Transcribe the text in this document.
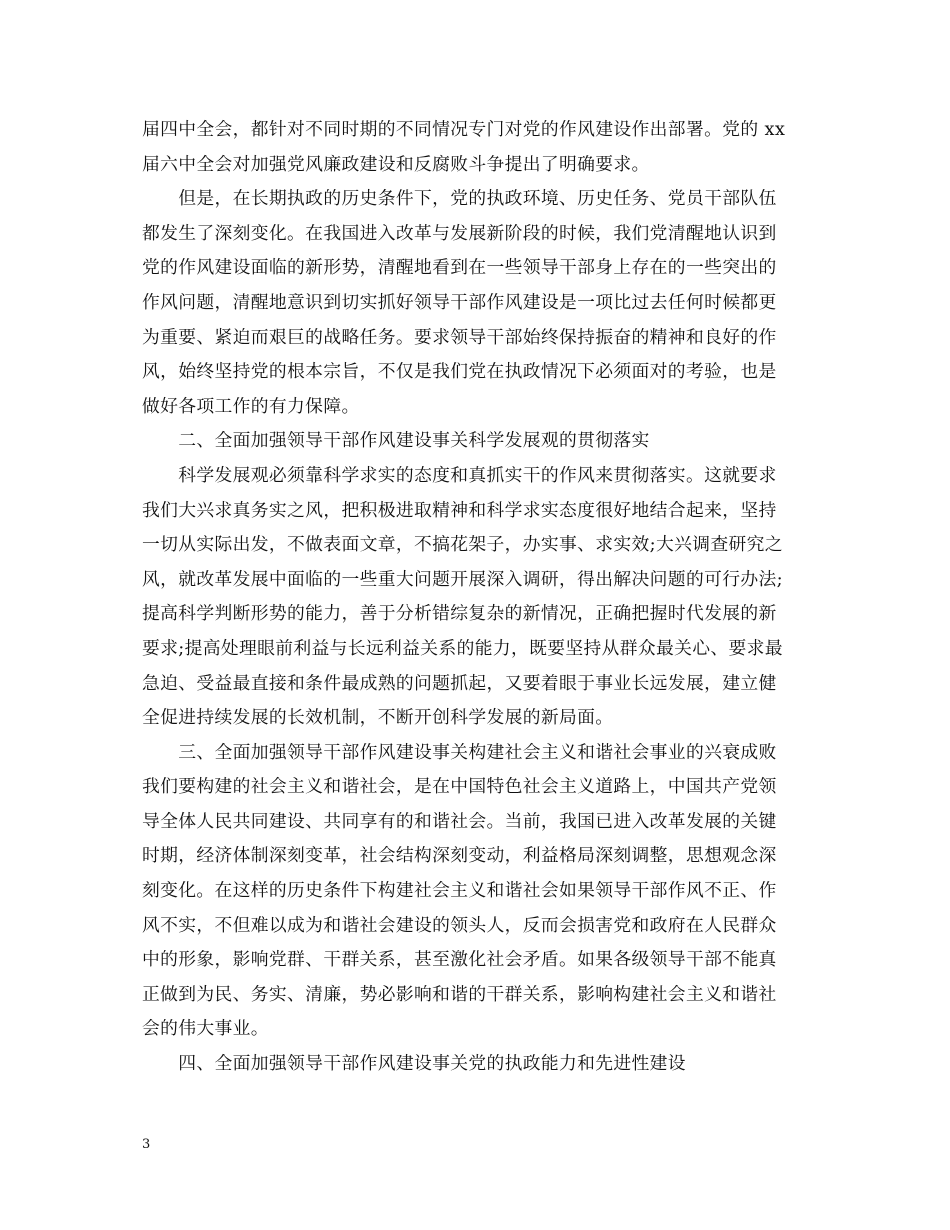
届四中全会，都针对不同时期的不同情况专门对党的作风建设作出部署。党的 xx
届六中全会对加强党风廉政建设和反腐败斗争提出了明确要求。
　　但是，在长期执政的历史条件下，党的执政环境、历史任务、党员干部队伍
都发生了深刻变化。在我国进入改革与发展新阶段的时候，我们党清醒地认识到
党的作风建设面临的新形势，清醒地看到在一些领导干部身上存在的一些突出的
作风问题，清醒地意识到切实抓好领导干部作风建设是一项比过去任何时候都更
为重要、紧迫而艰巨的战略任务。要求领导干部始终保持振奋的精神和良好的作
风，始终坚持党的根本宗旨，不仅是我们党在执政情况下必须面对的考验，也是
做好各项工作的有力保障。
　　二、全面加强领导干部作风建设事关科学发展观的贯彻落实
　　科学发展观必须靠科学求实的态度和真抓实干的作风来贯彻落实。这就要求
我们大兴求真务实之风，把积极进取精神和科学求实态度很好地结合起来，坚持
一切从实际出发，不做表面文章，不搞花架子，办实事、求实效;大兴调查研究之
风，就改革发展中面临的一些重大问题开展深入调研，得出解决问题的可行办法;
提高科学判断形势的能力，善于分析错综复杂的新情况，正确把握时代发展的新
要求;提高处理眼前利益与长远利益关系的能力，既要坚持从群众最关心、要求最
急迫、受益最直接和条件最成熟的问题抓起，又要着眼于事业长远发展，建立健
全促进持续发展的长效机制，不断开创科学发展的新局面。
　　三、全面加强领导干部作风建设事关构建社会主义和谐社会事业的兴衰成败
我们要构建的社会主义和谐社会，是在中国特色社会主义道路上，中国共产党领
导全体人民共同建设、共同享有的和谐社会。当前，我国已进入改革发展的关键
时期，经济体制深刻变革，社会结构深刻变动，利益格局深刻调整，思想观念深
刻变化。在这样的历史条件下构建社会主义和谐社会如果领导干部作风不正、作
风不实，不但难以成为和谐社会建设的领头人，反而会损害党和政府在人民群众
中的形象，影响党群、干群关系，甚至激化社会矛盾。如果各级领导干部不能真
正做到为民、务实、清廉，势必影响和谐的干群关系，影响构建社会主义和谐社
会的伟大事业。
　　四、全面加强领导干部作风建设事关党的执政能力和先进性建设
3
